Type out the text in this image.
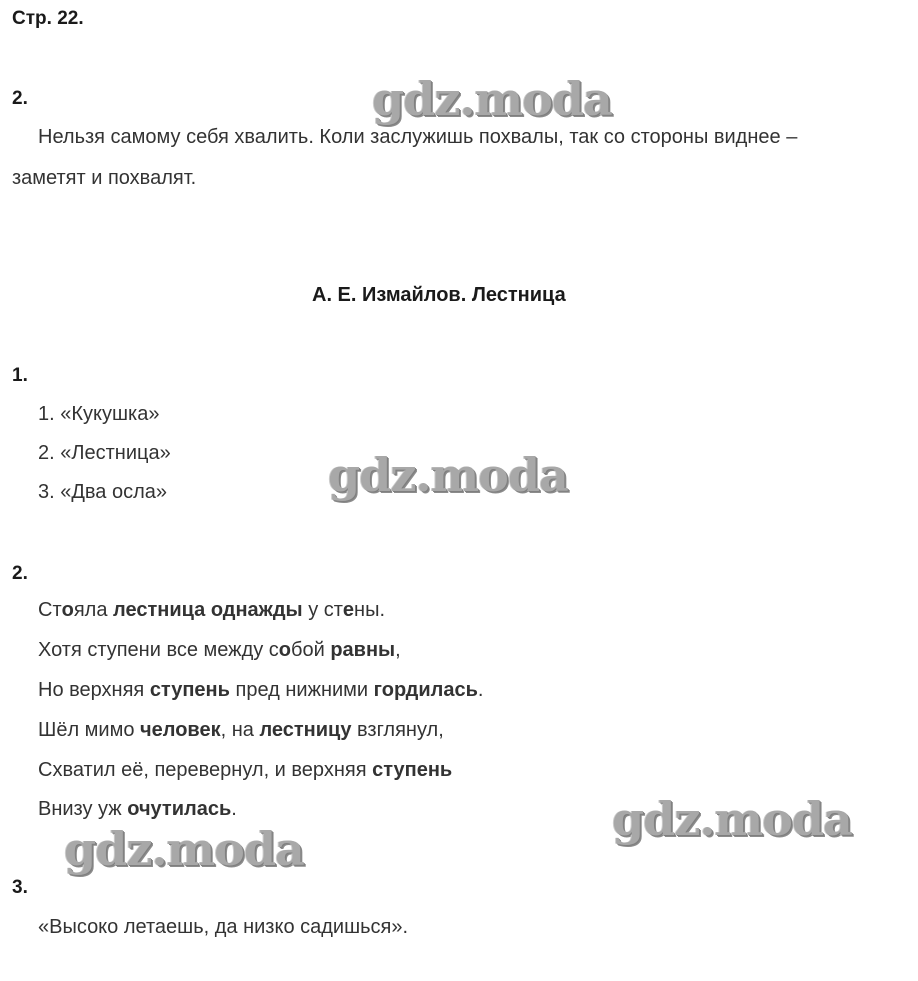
Стр. 22.
2.
Нельзя самому себя хвалить. Коли заслужишь похвалы, так со стороны виднее –
заметят и похвалят.
А. Е. Измайлов. Лестница
1.
1. «Кукушка»
2. «Лестница»
3. «Два осла»
2.
Стояла лестница однажды у стены.
Хотя ступени все между собой равны,
Но верхняя ступень пред нижними гордилась.
Шёл мимо человек, на лестницу взглянул,
Схватил её, перевернул, и верхняя ступень
Внизу уж очутилась.
3.
«Высоко летаешь, да низко садишься».
gdz.moda
gdz.moda
gdz.moda
gdz.moda
